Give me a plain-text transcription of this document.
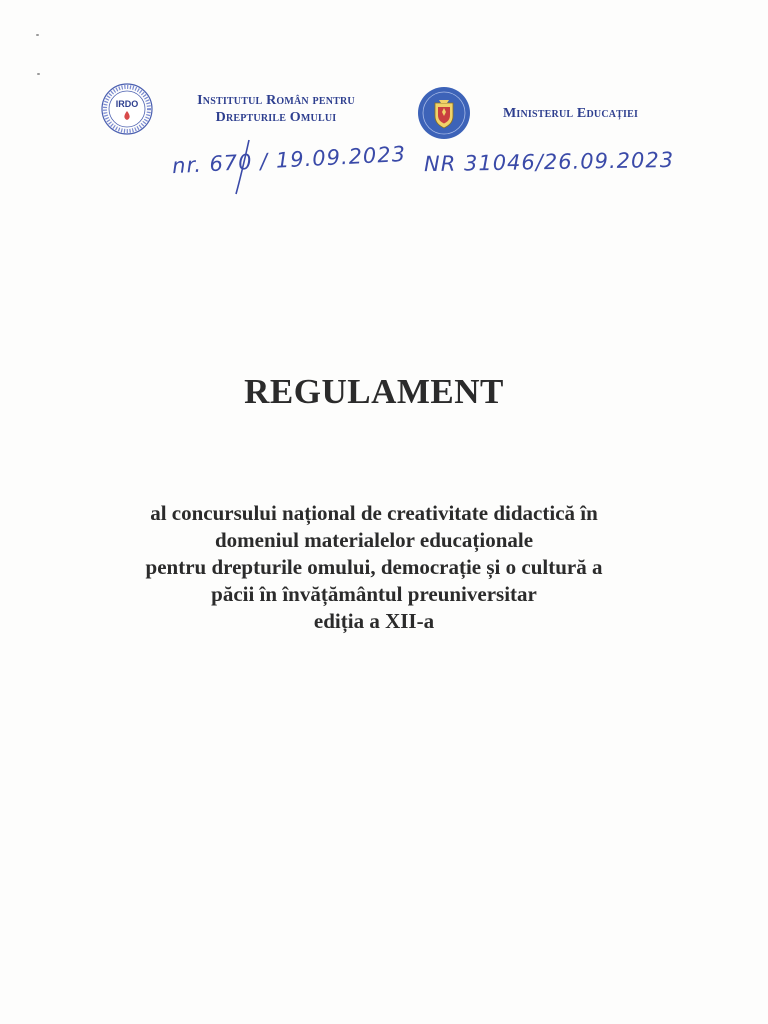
IRDO	Institutul Român pentru
Drepturile Omului	Ministerul Educației
nr. 670 / 19.09.2023 NR 31046/26.09.2023
REGULAMENT
al concursului național de creativitate didactică în
domeniul materialelor educaționale
pentru drepturile omului, democrație și o cultură a
păcii în învățământul preuniversitar
ediția a XII-a
